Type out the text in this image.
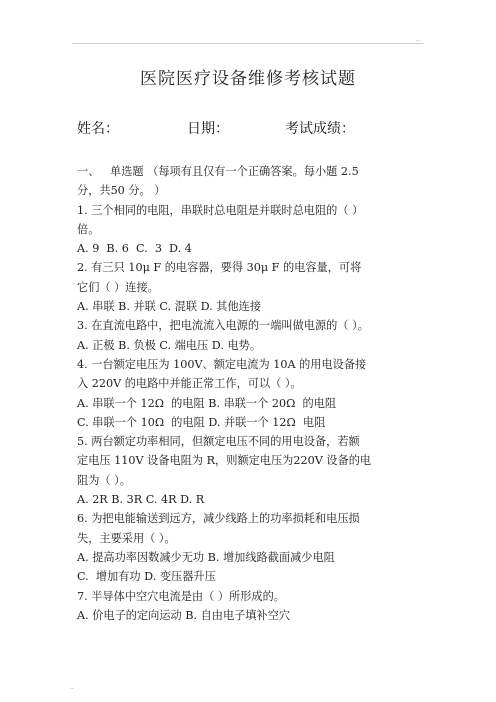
..
医院医疗设备维修考核试题
姓名：	日期：	考试成绩：

一、   单选题 （每项有且仅有一个正确答案。每小题 2.5

分，共50 分。 ）

1. 三个相同的电阻，串联时总电阻是并联时总电阻的（ ）

倍。

A. 9  B. 6  C.  3  D. 4

2. 有三只 10μ F 的电容器，要得 30μ F 的电容量，可将

它们（ ）连接。

A. 串联 B. 并联 C. 混联 D. 其他连接

3. 在直流电路中，把电流流入电源的一端叫做电源的（ ）。

A. 正极 B. 负极 C. 端电压 D. 电势。

4. 一台额定电压为 100V、额定电流为 10A 的用电设备接

入 220V 的电路中并能正常工作，可以（ ）。

A. 串联一个 12Ω  的电阻 B. 串联一个 20Ω  的电阻

C. 串联一个 10Ω  的电阻 D. 并联一个 12Ω  电阻

5. 两台额定功率相同，但额定电压不同的用电设备，若额

定电压 110V 设备电阻为 R，则额定电压为220V 设备的电

阻为（ ）。

A. 2R B. 3R C. 4R D. R

6. 为把电能输送到远方，减少线路上的功率损耗和电压损

失，主要采用（ ）。

A. 提高功率因数减少无功 B. 增加线路截面减少电阻

C.  增加有功 D. 变压器升压

7. 半导体中空穴电流是由（ ）所形成的。

A. 价电子的定向运动 B. 自由电子填补空穴

..
